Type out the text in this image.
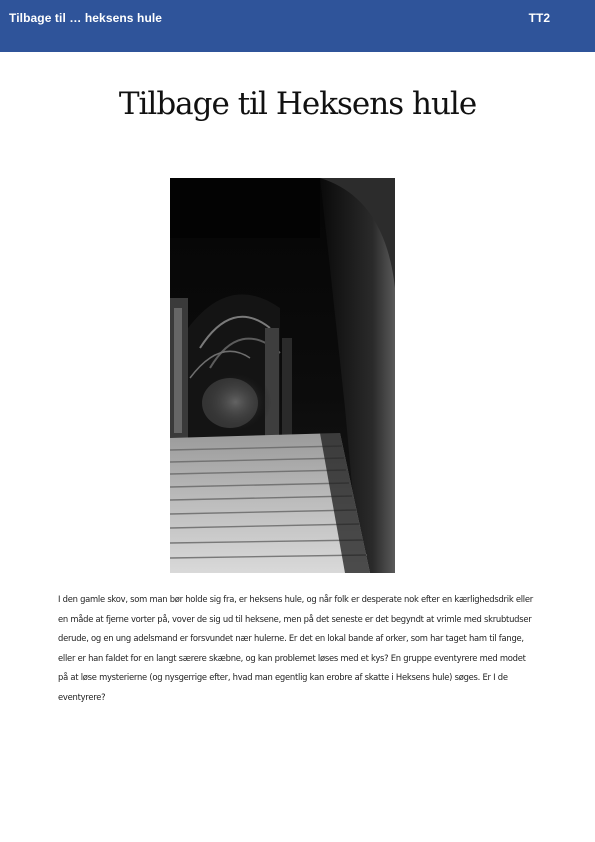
Tilbage til … heksens hule	TT2
Tilbage til Heksens hule

I den gamle skov, som man bør holde sig fra, er heksens hule, og når folk er desperate nok efter en kærlighedsdrik eller en måde at fjerne vorter på, vover de sig ud til heksene, men på det seneste er det begyndt at vrimle med skrubtudser derude, og en ung adelsmand er forsvundet nær hulerne. Er det en lokal bande af orker, som har taget ham til fange, eller er han faldet for en langt særere skæbne, og kan problemet løses med et kys? En gruppe eventyrere med modet på at løse mysterierne (og nysgerrige efter, hvad man egentlig kan erobre af skatte i Heksens hule) søges. Er I de eventyrere?
